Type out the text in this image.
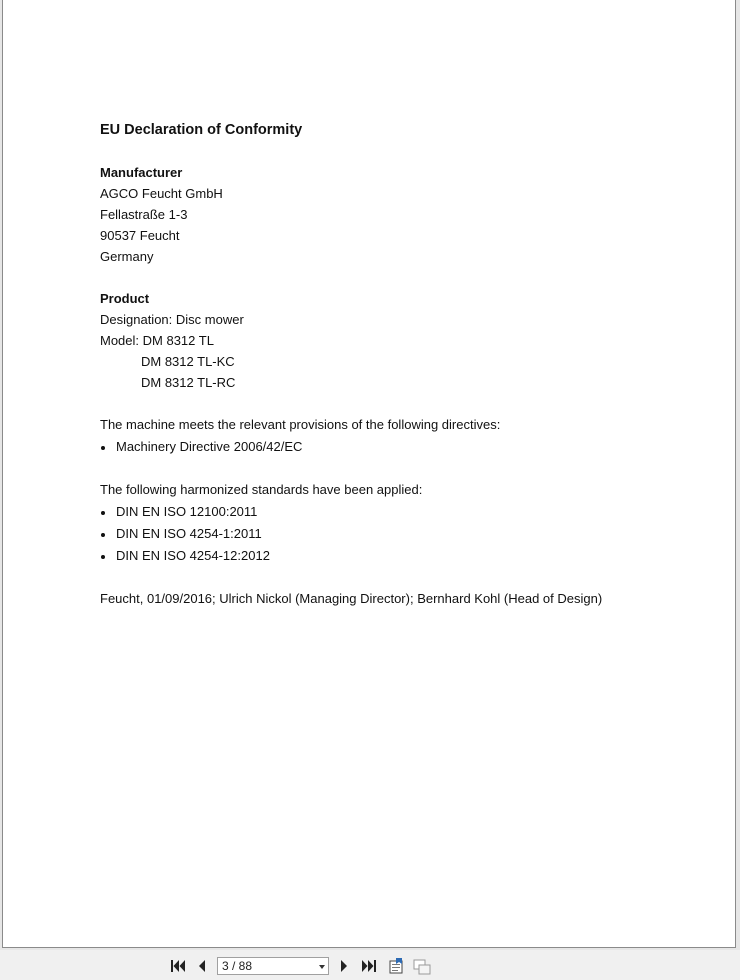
EU Declaration of Conformity
Manufacturer
AGCO Feucht GmbH
Fellastraße 1-3
90537 Feucht
Germany
Product
Designation: Disc mower
Model: DM 8312 TL
DM 8312 TL-KC
DM 8312 TL-RC
The machine meets the relevant provisions of the following directives:
Machinery Directive 2006/42/EC
The following harmonized standards have been applied:
DIN EN ISO 12100:2011
DIN EN ISO 4254-1:2011
DIN EN ISO 4254-12:2012
Feucht, 01/09/2016; Ulrich Nickol (Managing Director); Bernhard Kohl (Head of Design)
3 / 88
